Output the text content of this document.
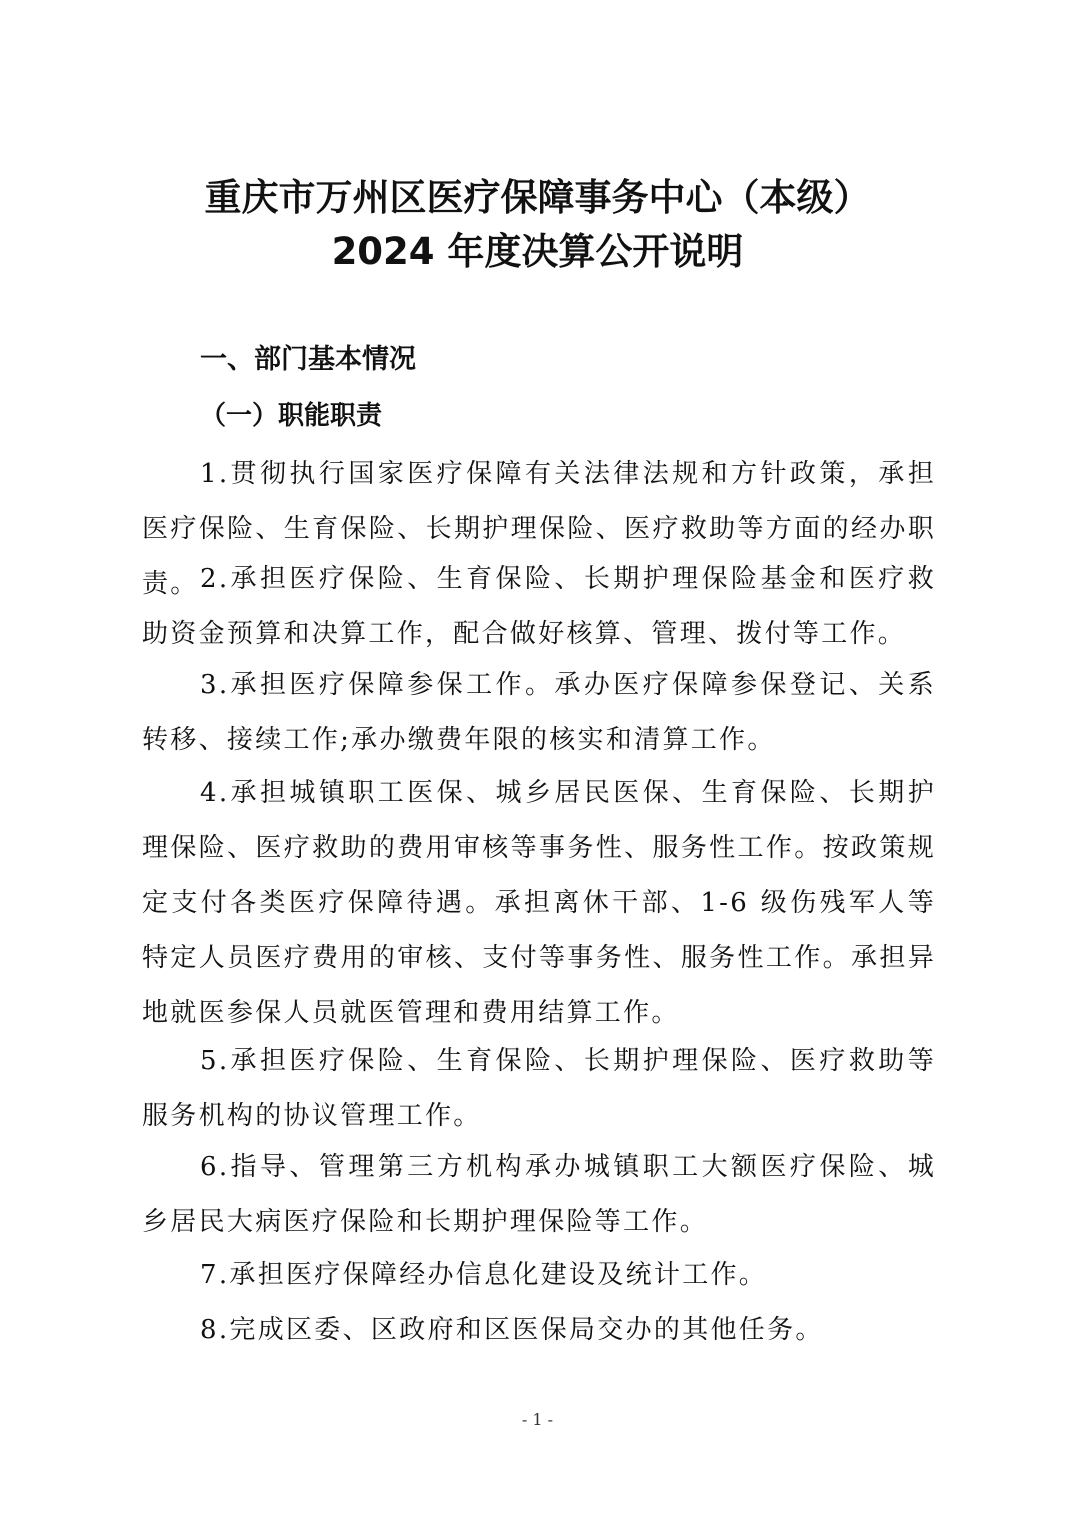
重庆市万州区医疗保障事务中心（本级）
2024 年度决算公开说明
一、部门基本情况
（一）职能职责

1.贯彻执行国家医疗保障有关法律法规和方针政策，承担医疗保险、生育保险、长期护理保险、医疗救助等方面的经办职责。 2.承担医疗保险、生育保险、长期护理保险基金和医疗救助资金预算和决算工作，配合做好核算、管理、拨付等工作。

3.承担医疗保障参保工作。承办医疗保障参保登记、关系转移、接续工作;承办缴费年限的核实和清算工作。

4.承担城镇职工医保、城乡居民医保、生育保险、长期护理保险、医疗救助的费用审核等事务性、服务性工作。按政策规定支付各类医疗保障待遇。承担离休干部、1-6 级伤残军人等特定人员医疗费用的审核、支付等事务性、服务性工作。承担异地就医参保人员就医管理和费用结算工作。

5.承担医疗保险、生育保险、长期护理保险、医疗救助等服务机构的协议管理工作。

6.指导、管理第三方机构承办城镇职工大额医疗保险、城乡居民大病医疗保险和长期护理保险等工作。

7.承担医疗保障经办信息化建设及统计工作。

8.完成区委、区政府和区医保局交办的其他任务。

- 1 -
